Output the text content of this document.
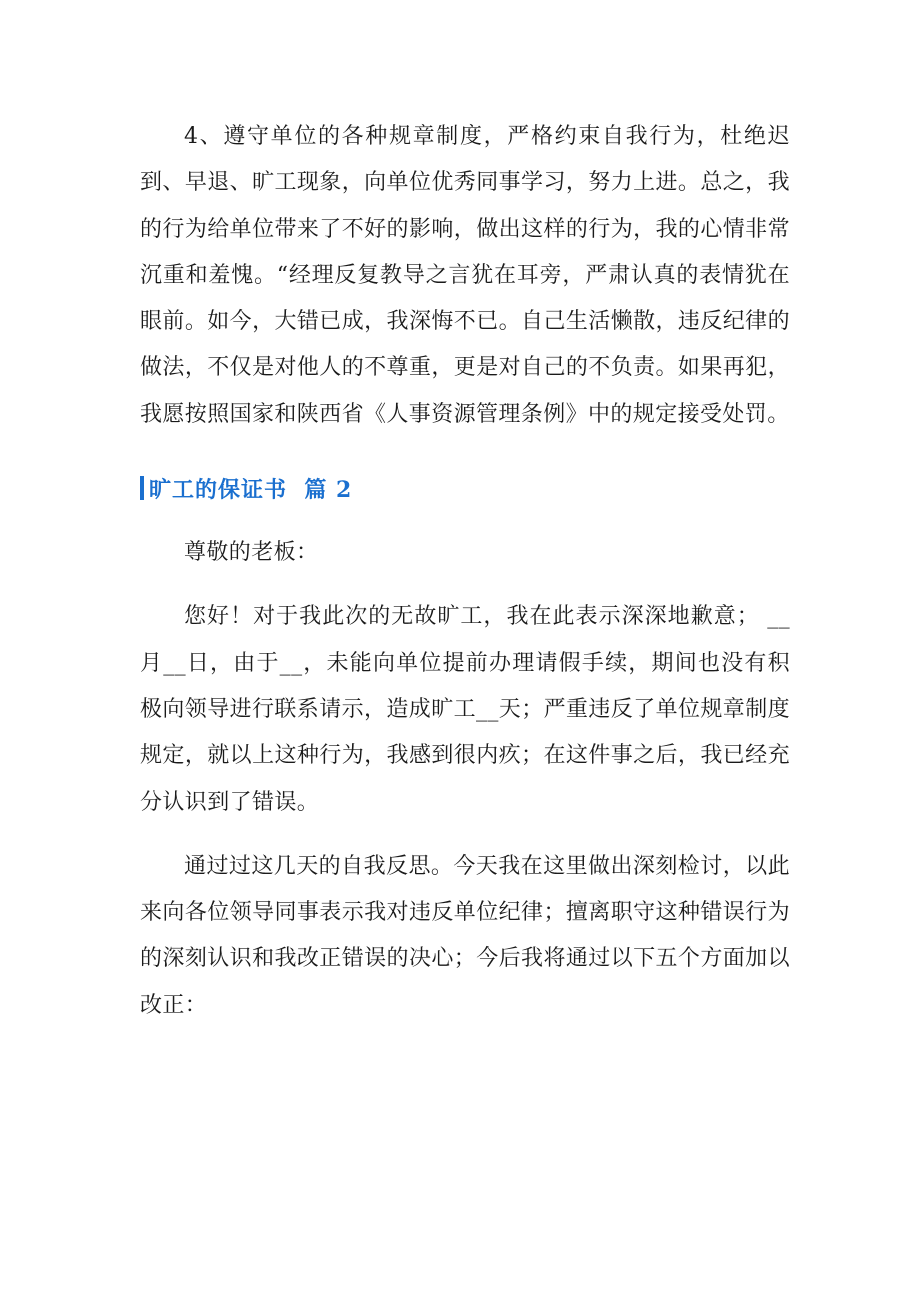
4、遵守单位的各种规章制度，严格约束自我行为，杜绝迟到、早退、旷工现象，向单位优秀同事学习，努力上进。总之，我的行为给单位带来了不好的影响，做出这样的行为，我的心情非常沉重和羞愧。“经理反复教导之言犹在耳旁，严肃认真的表情犹在眼前。如今，大错已成，我深悔不已。自己生活懒散，违反纪律的做法，不仅是对他人的不尊重，更是对自己的不负责。如果再犯，我愿按照国家和陕西省《人事资源管理条例》中的规定接受处罚。

旷工的保证书  篇 2

尊敬的老板：

您好！对于我此次的无故旷工，我在此表示深深地歉意； __月__日，由于__，未能向单位提前办理请假手续，期间也没有积极向领导进行联系请示，造成旷工__天；严重违反了单位规章制度规定，就以上这种行为，我感到很内疚；在这件事之后，我已经充分认识到了错误。

通过过这几天的自我反思。今天我在这里做出深刻检讨，以此来向各位领导同事表示我对违反单位纪律；擅离职守这种错误行为的深刻认识和我改正错误的决心；今后我将通过以下五个方面加以改正：
